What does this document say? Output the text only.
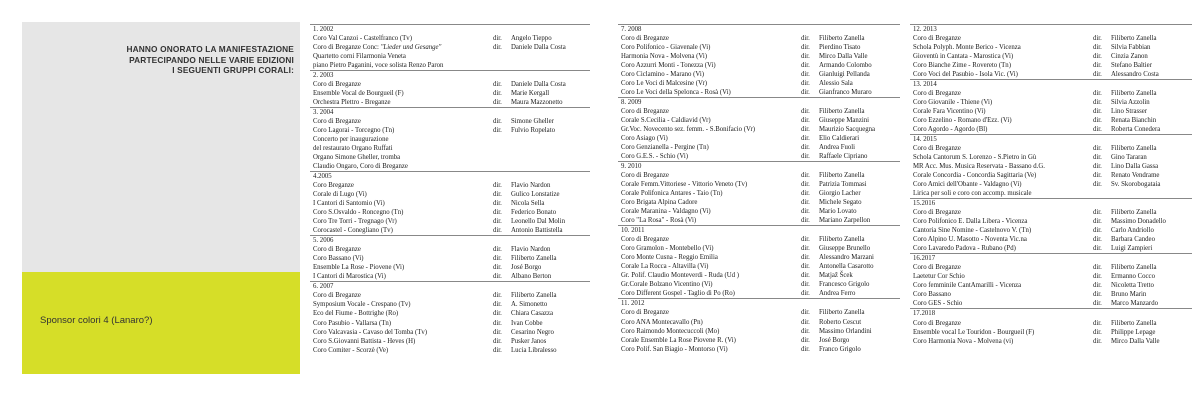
HANNO ONORATO LA MANIFESTAZIONE
PARTECIPANDO NELLE VARIE EDIZIONI
I SEGUENTI GRUPPI CORALI:
Sponsor colori 4 (Lanaro?)
1. 2002
Coro Val Canzoi - Castelfranco (Tv)	dir. Angelo Tieppo
Coro di Breganze Conc: "Lieder und Gesange"	dir. Daniele Dalla Costa
Quartetto corni Filarmonia Veneta
piano Pietro Paganini, voce solista Renzo Paron
2. 2003
Coro di Breganze	dir. Daniele Dalla Costa
Ensemble Vocal de Bourgueil (F)	dir. Marie Kergall
Orchestra Plettro - Breganze	dir. Maura Mazzonetto
3. 2004
Coro di Breganze	dir. Simone Gheller
Coro Lagorai - Torcegno (Tn)	dir. Fulvio Ropelato
Concerto per inaugurazione
del restaurato Organo Ruffati
Organo Simone Gheller, tromba
Claudio Ongaro, Coro di Breganze
4.2005
Coro Breganze	dir. Flavio Nardon
Corale di Lugo (Vi)	dir. Gulico Lonstatize
I Cantori di Santomio (Vi)	dir. Nicola Sella
Coro S.Osvaldo - Roncegno (Tn)	dir. Federico Bonato
Coro Tre Torri - Tregnago (Vr)	dir. Leonello Dal Molin
Corocastel - Conegliano (Tv)	dir. Antonio Battistella
5. 2006
Coro di Breganze	dir. Flavio Nardon
Coro Bassano (Vi)	dir. Filiberto Zanella
Ensemble La Rose - Piovene (Vi)	dir. José Borgo
I Cantori di Marostica (Vi)	dir. Albano Berton
6. 2007
Coro di Breganze	dir. Filiberto Zanella
Symposium Vocale - Crespano (Tv)	dir. A. Simonetto
Eco del Fiume - Bottrighe (Ro)	dir. Chiara Casazza
Coro Pasubio - Vallarsa (Tn)	dir. Ivan Cobbe
Coro Valcavasia - Cavaso del Tomba (Tv)	dir. Cesarino Negro
Coro S.Giovanni Battista - Heves (H)	dir. Pusker Janos
Coro Comiter - Scorzè (Ve)	dir. Lucia Libralesso
7. 2008
Coro di Breganze	dir. Filiberto Zanella
Coro Polifonico - Giavenale (Vi)	dir. Pierdino Tisato
Harmonia Nova - Molvena (Vi)	dir. Mirco Dalla Valle
Coro Azzurri Monti - Tonezza (Vi)	dir. Armando Colombo
Coro Ciclamino - Marano (Vi)	dir. Gianluigi Pellanda
Coro Le Voci di Malcesine (Vr)	dir. Alessio Sala
Coro Le Voci della Spelonca - Rosà (Vi)	dir. Gianfranco Muraro
8. 2009
Coro di Breganze	dir. Filiberto Zanella
Corale S.Cecilia - Caldiavid (Vr)	dir. Giuseppe Manzini
Gr.Voc. Novecento sez. femm. - S.Bonifacio (Vr)	dir. Maurizio Sacquegna
Coro Asiago (Vi)	dir. Elio Caldierari
Coro Genzianella - Pergine (Tn)	dir. Andrea Fuoli
Coro G.E.S. - Schio (Vi)	dir. Raffaele Cipriano
9. 2010
Coro di Breganze	dir. Filiberto Zanella
Corale Femm.Vittoriese - Vittorio Veneto (Tv)	dir. Patrizia Tommasi
Corale Polifonica Antares - Taio (Tn)	dir. Giorgio Lacher
Coro Brigata Alpina Cadore	dir. Michele Segato
Corale Maranina - Valdagno (Vi)	dir. Mario Lovato
Coro "La Rosa" - Rosà (Vi)	dir. Mariano Zarpellon
10. 2011
Coro di Breganze	dir. Filiberto Zanella
Coro Gramolon - Montebello (Vi)	dir. Giuseppe Brunello
Coro Monte Cusna - Reggio Emilia	dir. Alessandro Marzani
Corale La Rocca - Altavilla (Vi)	dir. Antonella Casarotto
Gr. Polif. Claudio Monteverdi - Ruda (Ud )	dir. Matjaž Šcek
Gr.Corale Bolzano Vicentino (Vi)	dir. Francesco Grigolo
Coro Different Gospel - Taglio di Po (Ro)	dir. Andrea Ferro
11. 2012
Coro di Breganze	dir. Filiberto Zanella
Coro ANA Montecavallo (Pn)	dir. Roberto Cescut
Coro Raimondo Montecuccoli (Mo)	dir. Massimo Orlandini
Corale Ensemble La Rose Piovene R. (Vi)	dir. José Borgo
Coro Polif. San Biagio - Montorso (Vi)	dir. Franco Grigolo
12. 2013
Coro di Breganze	dir. Filiberto Zanella
Schola Polyph. Monte Berico - Vicenza	dir. Silvia Fabbian
Gioventù in Cantata - Marostica (Vi)	dir. Cinzia Zanon
Coro Bianche Zime - Rovereto (Tn)	dir. Stefano Baltier
Coro Voci del Pasubio - Isola Vic. (Vi)	dir. Alessandro Costa
13. 2014
Coro di Breganze	dir. Filiberto Zanella
Coro Giovanile - Thiene (Vi)	dir. Silvia Azzolin
Corale Fara Vicentino (Vi)	dir. Lino Strasser
Coro Ezzelino - Romano d'Ezz. (Vi)	dir. Renata Bianchin
Coro Agordo - Agordo (Bl)	dir. Roberta Conedera
14. 2015
Coro di Breganze	dir. Filiberto Zanella
Schola Cantorum S. Lorenzo - S.Pietro in Gù	dir. Gino Tararan
MR Acc. Mus. Musica Reservata - Bassano d.G.	dir. Lino Dalla Gassa
Corale Concordia - Concordia Sagittaria (Ve)	dir. Renato Vendrame
Coro Amici dell'Obante - Valdagno (Vi)	dir. Sv. Skorobogataia
Lirica per soli e coro con accomp. musicale
15.2016
Coro di Breganze	dir. Filiberto Zanella
Coro Polifonico E. Dalla Libera - Vicenza	dir. Massimo Donadello
Cantoria Sine Nomine - Castelnovo V. (Tn)	dir. Carlo Andriollo
Coro Alpino U. Masotto - Noventa Vic.na	dir. Barbara Candeo
Coro Lavaredo Padova - Rubano (Pd)	dir. Luigi Zampieri
16.2017
Coro di Breganze	dir. Filiberto Zanella
Laetetur Cor Schio	dir. Ermanno Cocco
Coro femminile CantAmarilli - Vicenza	dir. Nicoletta Tretto
Coro Bassano	dir. Bruno Marin
Coro GES - Schio	dir. Marco Manzardo
17.2018
Coro di Breganze	dir. Filiberto Zanella
Ensemble vocal Le Touridon - Bourgueil (F)	dir. Philippe Lepage
Coro Harmonia Nova - Molvena (vi)	dir. Mirco Dalla Valle
